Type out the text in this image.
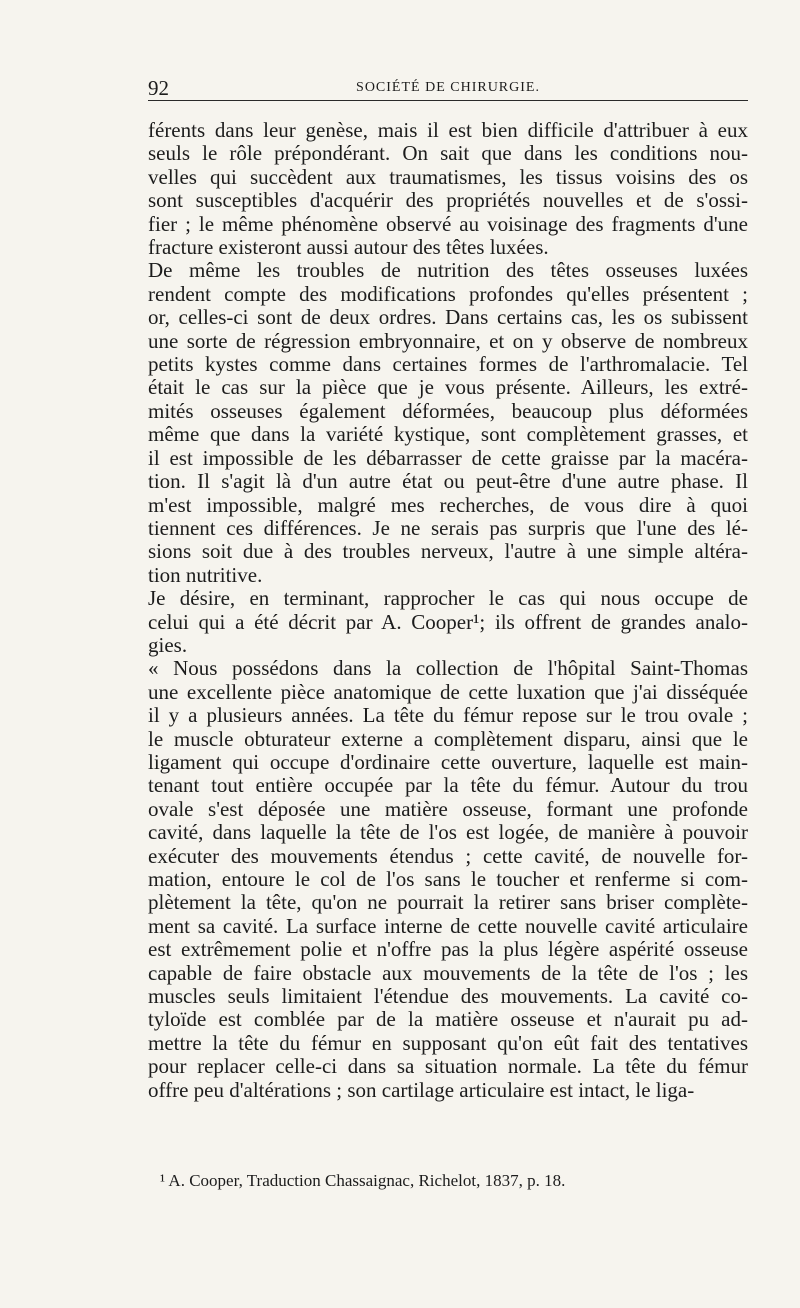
92	SOCIÉTÉ DE CHIRURGIE.
férents dans leur genèse, mais il est bien difficile d'attribuer à eux
seuls le rôle prépondérant. On sait que dans les conditions nou-
velles qui succèdent aux traumatismes, les tissus voisins des os
sont susceptibles d'acquérir des propriétés nouvelles et de s'ossi-
fier ; le même phénomène observé au voisinage des fragments d'une
fracture existeront aussi autour des têtes luxées.
De même les troubles de nutrition des têtes osseuses luxées
rendent compte des modifications profondes qu'elles présentent ;
or, celles-ci sont de deux ordres. Dans certains cas, les os subissent
une sorte de régression embryonnaire, et on y observe de nombreux
petits kystes comme dans certaines formes de l'arthromalacie. Tel
était le cas sur la pièce que je vous présente. Ailleurs, les extré-
mités osseuses également déformées, beaucoup plus déformées
même que dans la variété kystique, sont complètement grasses, et
il est impossible de les débarrasser de cette graisse par la macéra-
tion. Il s'agit là d'un autre état ou peut-être d'une autre phase. Il
m'est impossible, malgré mes recherches, de vous dire à quoi
tiennent ces différences. Je ne serais pas surpris que l'une des lé-
sions soit due à des troubles nerveux, l'autre à une simple altéra-
tion nutritive.
Je désire, en terminant, rapprocher le cas qui nous occupe de
celui qui a été décrit par A. Cooper¹; ils offrent de grandes analo-
gies.
« Nous possédons dans la collection de l'hôpital Saint-Thomas
une excellente pièce anatomique de cette luxation que j'ai disséquée
il y a plusieurs années. La tête du fémur repose sur le trou ovale ;
le muscle obturateur externe a complètement disparu, ainsi que le
ligament qui occupe d'ordinaire cette ouverture, laquelle est main-
tenant tout entière occupée par la tête du fémur. Autour du trou
ovale s'est déposée une matière osseuse, formant une profonde
cavité, dans laquelle la tête de l'os est logée, de manière à pouvoir
exécuter des mouvements étendus ; cette cavité, de nouvelle for-
mation, entoure le col de l'os sans le toucher et renferme si com-
plètement la tête, qu'on ne pourrait la retirer sans briser complète-
ment sa cavité. La surface interne de cette nouvelle cavité articulaire
est extrêmement polie et n'offre pas la plus légère aspérité osseuse
capable de faire obstacle aux mouvements de la tête de l'os ; les
muscles seuls limitaient l'étendue des mouvements. La cavité co-
tyloïde est comblée par de la matière osseuse et n'aurait pu ad-
mettre la tête du fémur en supposant qu'on eût fait des tentatives
pour replacer celle-ci dans sa situation normale. La tête du fémur
offre peu d'altérations ; son cartilage articulaire est intact, le liga-
¹ A. Cooper, Traduction Chassaignac, Richelot, 1837, p. 18.
